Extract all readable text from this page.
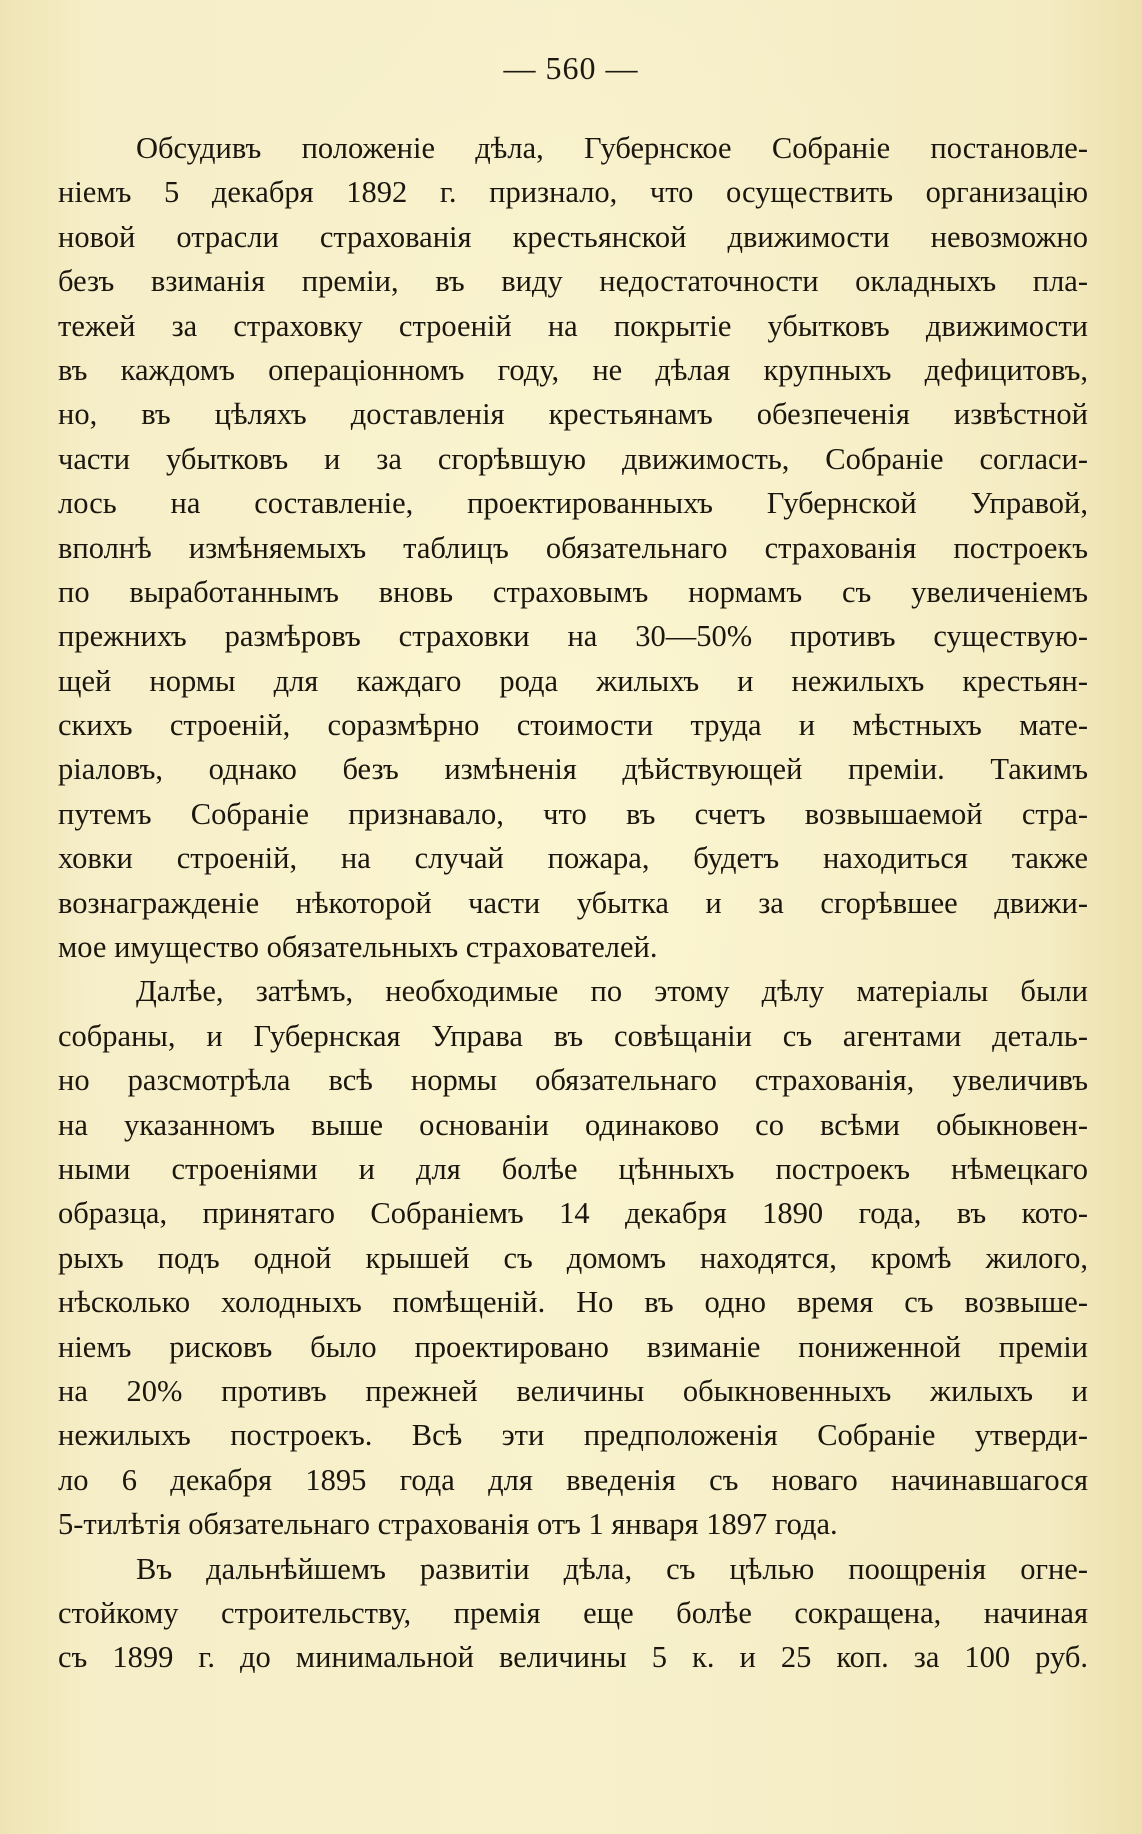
— 560 —
Обсудивъ положеніе дѣла, Губернское Собраніе постановле-
ніемъ 5 декабря 1892 г. признало, что осуществить организацію
новой отрасли страхованія крестьянской движимости невозможно
безъ взиманія преміи, въ виду недостаточности окладныхъ пла-
тежей за страховку строеній на покрытіе убытковъ движимости
въ каждомъ операціонномъ году, не дѣлая крупныхъ дефицитовъ,
но, въ цѣляхъ доставленія крестьянамъ обезпеченія извѣстной
части убытковъ и за сгорѣвшую движимость, Собраніе согласи-
лось на составленіе, проектированныхъ Губернской Управой,
вполнѣ измѣняемыхъ таблицъ обязательнаго страхованія построекъ
по выработаннымъ вновь страховымъ нормамъ съ увеличеніемъ
прежнихъ размѣровъ страховки на 30—50% противъ существую-
щей нормы для каждаго рода жилыхъ и нежилыхъ крестьян-
скихъ строеній, соразмѣрно стоимости труда и мѣстныхъ мате-
ріаловъ, однако безъ измѣненія дѣйствующей преміи. Такимъ
путемъ Собраніе признавало, что въ счетъ возвышаемой стра-
ховки строеній, на случай пожара, будетъ находиться также
вознагражденіе нѣкоторой части убытка и за сгорѣвшее движи-
мое имущество обязательныхъ страхователей.
Далѣе, затѣмъ, необходимые по этому дѣлу матеріалы были
собраны, и Губернская Управа въ совѣщаніи съ агентами деталь-
но разсмотрѣла всѣ нормы обязательнаго страхованія, увеличивъ
на указанномъ выше основаніи одинаково со всѣми обыкновен-
ными строеніями и для болѣе цѣнныхъ построекъ нѣмецкаго
образца, принятаго Собраніемъ 14 декабря 1890 года, въ кото-
рыхъ подъ одной крышей съ домомъ находятся, кромѣ жилого,
нѣсколько холодныхъ помѣщеній. Но въ одно время съ возвыше-
ніемъ рисковъ было проектировано взиманіе пониженной преміи
на 20% противъ прежней величины обыкновенныхъ жилыхъ и
нежилыхъ построекъ. Всѣ эти предположенія Собраніе утверди-
ло 6 декабря 1895 года для введенія съ новаго начинавшагося
5-тилѣтія обязательнаго страхованія отъ 1 января 1897 года.
Въ дальнѣйшемъ развитіи дѣла, съ цѣлью поощренія огне-
стойкому строительству, премія еще болѣе сокращена, начиная
съ 1899 г. до минимальной величины 5 к. и 25 коп. за 100 руб.
